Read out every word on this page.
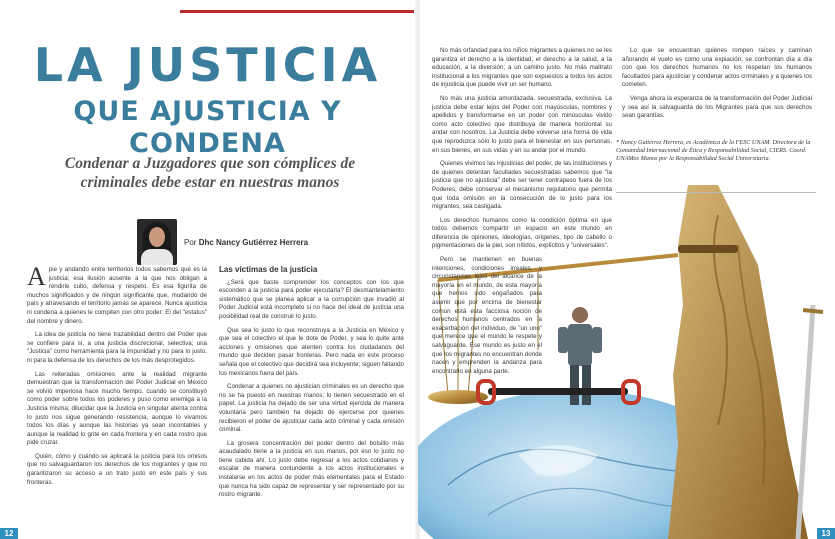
LA JUSTICIA
QUE AJUSTICIA Y CONDENA
Condenar a Juzgadores que son cómplices de criminales debe estar en nuestras manos
Por Dhc Nancy Gutiérrez Herrera

Apie y andando entre territorios todos sabemos qué es la justicia; esa ilusión ausente a la que nos obligan a rendirle culto, defensa y respeto. Es esa figurita de muchos significados y de ningún significante que, mudando de país y atravesando el territorio jamás se aparece. Nunca ajusticia ni condena a quienes le compiten con otro poder: El del "estatus" del nombre y dinero.

La idea de justicia no tiene trazabilidad dentro del Poder que se confiere para sí, a una justicia discrecional, selectiva; una "Justicia" como herramienta para la impunidad y no para lo justo, ni para la defensa de los derechos de los más desprotegidos.

Las reiteradas omisiones ante la realidad migrante demuestran que la transformación del Poder Judicial en México se volvió imperiosa hace mucho tiempo, cuando se constituyó como poder sobre todos los poderes y puso como enemiga a la Justicia misma; dilucidar que la Justicia en singular atenta contra lo justo nos sigue generando resistencia, aunque lo vivamos todos los días y aunque las historias ya sean incontables y aunque la realidad lo grite en cada frontera y en cada rostro que pide cruzar.

Quién, cómo y cuándo se aplicará la justicia para los omisos que no salvaguardaron los derechos de los migrantes y que no garantizaron su acceso a un trato justo en este país y sus fronteras.

Las víctimas de la justicia

¿Será que baste comprender los conceptos con los que esconden a la justicia para poder ejecutarla? El desmantelamiento sistemático que se planea aplicar a la corrupción que invadió al Poder Judicial está incompleto si no hace del ideal de justicia una posibilidad real de construir lo justo.

Que sea lo justo lo que reconstruya a la Justicia en México y que sea el colectivo el que le dote de Poder, y sea lo quite ante acciones y omisiones que atenten contra los ciudadanos del mundo que deciden pasar fronteras. Pero nada en este proceso señala que el colectivo que decidirá sea incluyente; siguen faltando los mexicanos fuera del país.

Condenar a quienes no ajustician criminales es un derecho que no se ha puesto en nuestras manos; lo tienen secuestrado en el papel. La justicia ha dejado de ser una virtud ejercida de manera voluntaria pero también ha dejado de ejercerse por quienes recibieron el poder de ajusticiar cada acto criminal y cada omisión criminal.

La grosera concentración del poder dentro del bolsillo más acaudalado tiene a la justicia en sus manos, por eso lo justo no tiene cabida ahí. Lo justo debe regresar a los actos cotidianos y escalar de manera contundente a los actos institucionales e instalarse en los actos de poder más elementales para el Estado que nunca ha sido capaz de representar y ser representado por su rostro migrante.

12

No más orfandad para los niños migrantes a quienes no se les garantiza el derecho a la identidad, el derecho a la salud, a la educación, a la diversión; a un camino justo. No más maltrato institucional a los migrantes que son expuestos a todos los actos de injusticia que puede vivir un ser humano.

No más una justicia amordazada, secuestrada, exclusiva. La justicia debe estar lejos del Poder con mayúsculas, nombres y apellidos y transformarse en un poder con minúsculas vivido como acto colectivo que distribuya de manera horizontal su andar con nosotros. La Justicia debe volverse una forma de vida que reproduzca sólo lo justo para el bienestar en sus personas, en sus bienes, en sus vidas y en su andar por el mundo.

Quienes vivimos las injusticias del poder, de las instituciones y de quienes detentan facultades secuestradas sabemos que "la justicia que no ajusticia" debe ser tener contrapeso fuera de los Poderes; debe conservar el mecanismo regulatorio que permita que toda omisión en la consecución de lo justo para los migrantes, sea castigada.

Los derechos humanos como la condición óptima en que todos debemos compartir un espacio en este mundo en diferencia de opiniones, ideologías, orígenes, tipo de cabello o pigmentaciones de la piel, son nítidos, explícitos y "universales".

Pero se mantienen en buenas intenciones, condiciones irreales, y circunstancias lejos del alcance de la mayoría en el mundo, de esta mayoría que hemos sido engañados para asumir que por encima de bienestar común está esta facciosa noción de derechos humanos centrados en la exacerbación del individuo, de "un uno" que merece que el mundo le respete y salvaguarde. Ese mundo es justo en el que los migrantes no encuentran donde nacen y emprenden la andanza para encontrarlo en alguna parte.

Lo que se encuentran quiénes rompen raíces y caminan añorando el vuelo es como una expiación; se confrontan día a día con que los derechos humanos no los respetan los humanos facultados para ajusticiar y condenar actos criminales y a quienes los cometen.

Venga ahora la esperanza de la transformación del Poder Judicial y sea así la salvaguarda de los Migrantes para que sus derechos sean garantías.

* Nancy Gutiérrez Herrera, es Académica de la FESC UNAM. Directora de la Comunidad Internacional de Ética y Responsabilidad Social, CIERS. Coord. UNAMos Manos por la Responsabilidad Social Universitaria.
13
